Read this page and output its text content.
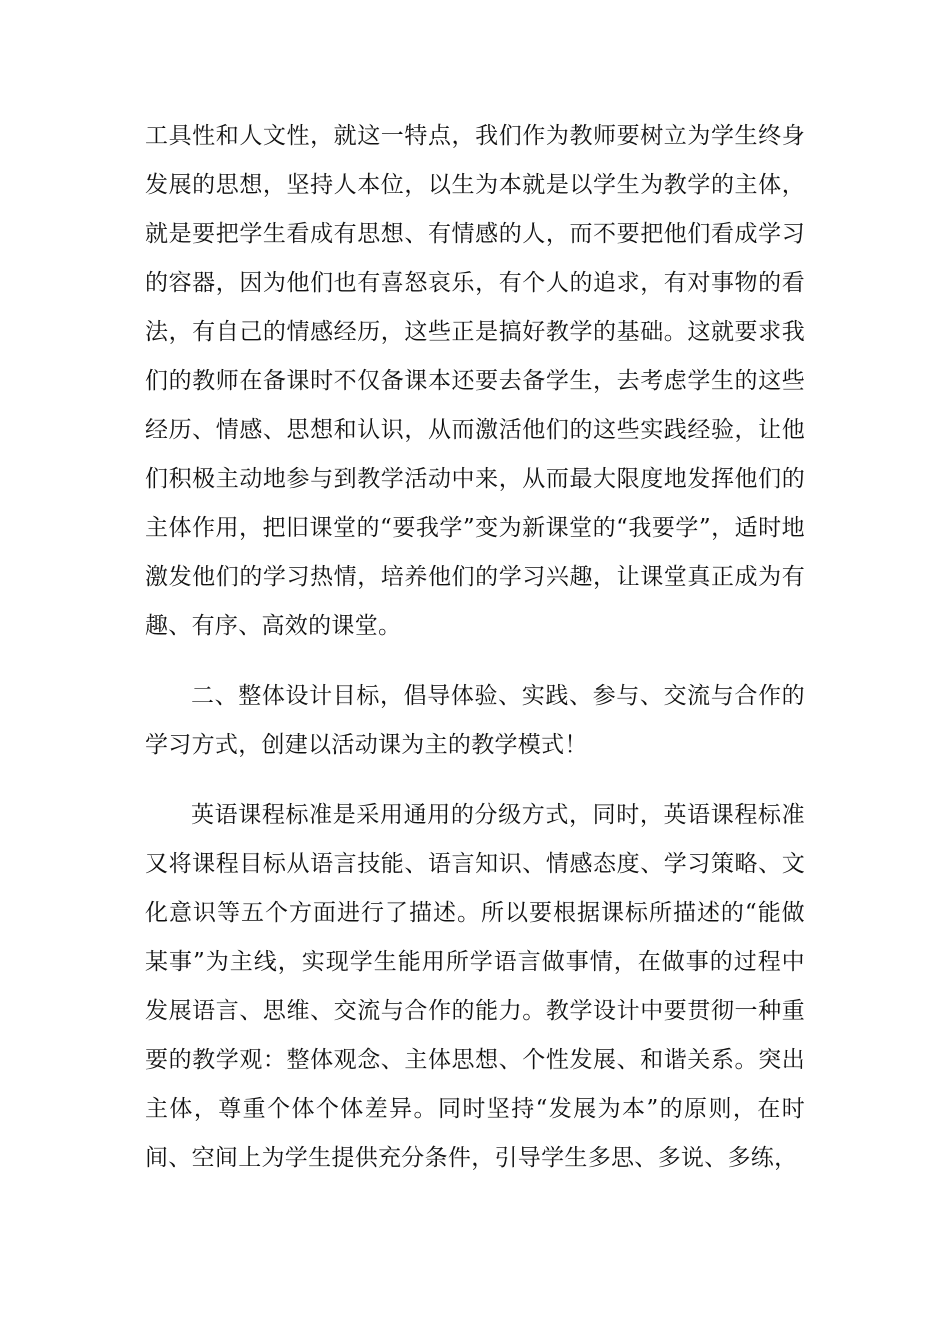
工具性和人文性，就这一特点，我们作为教师要树立为学生终身发展的思想，坚持人本位，以生为本就是以学生为教学的主体，就是要把学生看成有思想、有情感的人，而不要把他们看成学习的容器，因为他们也有喜怒哀乐，有个人的追求，有对事物的看法，有自己的情感经历，这些正是搞好教学的基础。这就要求我们的教师在备课时不仅备课本还要去备学生，去考虑学生的这些经历、情感、思想和认识，从而激活他们的这些实践经验，让他们积极主动地参与到教学活动中来，从而最大限度地发挥他们的主体作用，把旧课堂的“要我学”变为新课堂的“我要学”，适时地激发他们的学习热情，培养他们的学习兴趣，让课堂真正成为有趣、有序、高效的课堂。

二、整体设计目标，倡导体验、实践、参与、交流与合作的学习方式，创建以活动课为主的教学模式！

英语课程标准是采用通用的分级方式，同时，英语课程标准又将课程目标从语言技能、语言知识、情感态度、学习策略、文化意识等五个方面进行了描述。所以要根据课标所描述的“能做某事”为主线，实现学生能用所学语言做事情，在做事的过程中发展语言、思维、交流与合作的能力。教学设计中要贯彻一种重要的教学观：整体观念、主体思想、个性发展、和谐关系。突出主体，尊重个体个体差异。同时坚持“发展为本”的原则，在时间、空间上为学生提供充分条件，引导学生多思、多说、多练，
